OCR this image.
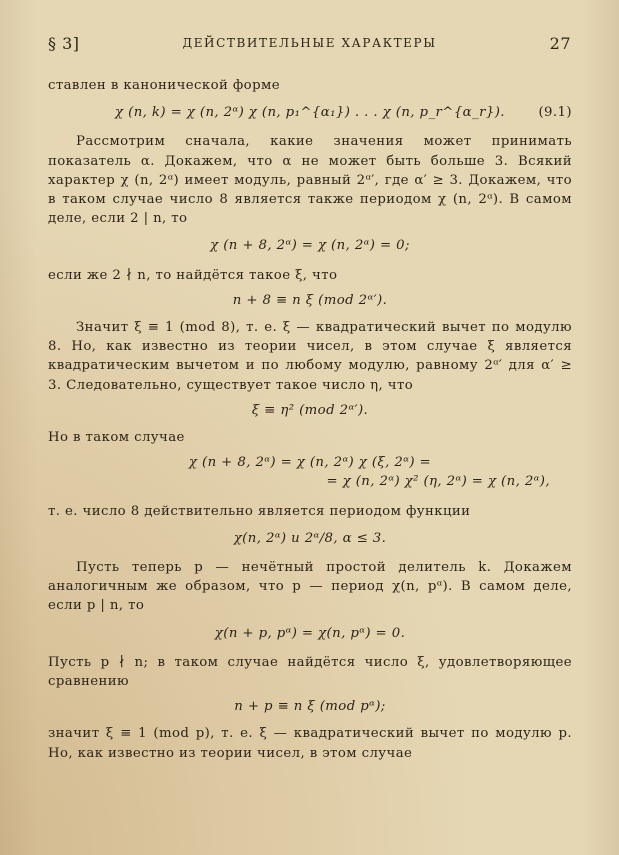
§ 3]	ДЕЙСТВИТЕЛЬНЫЕ ХАРАКТЕРЫ	27

ставлен в канонической форме

χ (n, k) = χ (n, 2ᵅ) χ (n, p₁^{α₁}) . . . χ (n, p_r^{α_r}).	(9.1)

Рассмотрим сначала, какие значения может принимать показатель α. Докажем, что α не может быть больше 3. Всякий характер χ (n, 2ᵅ) имеет модуль, равный 2ᵅ′, где α′ ≥ 3. Докажем, что в таком случае число 8 является также периодом χ (n, 2ᵅ). В самом деле, если 2 | n, то

χ (n + 8, 2ᵅ) = χ (n, 2ᵅ) = 0;

если же 2 ∤ n, то найдётся такое ξ, что

n + 8 ≡ n ξ (mod 2ᵅ′).

Значит ξ ≡ 1 (mod 8), т. е. ξ — квадратический вычет по модулю 8. Но, как известно из теории чисел, в этом случае ξ является квадратическим вычетом и по любому модулю, равному 2ᵅ′ для α′ ≥ 3. Следовательно, существует такое число η, что

ξ ≡ η² (mod 2ᵅ′).

Но в таком случае

χ (n + 8, 2ᵅ) = χ (n, 2ᵅ) χ (ξ, 2ᵅ) =

= χ (n, 2ᵅ) χ² (η, 2ᵅ) = χ (n, 2ᵅ),

т. е. число 8 действительно является периодом функции

χ(n, 2ᵅ) и 2ᵅ/8, α ≤ 3.

Пусть теперь p — нечётный простой делитель k. Докажем аналогичным же образом, что p — период χ(n, pᵅ). В самом деле, если p | n, то

χ(n + p, pᵅ) = χ(n, pᵅ) = 0.

Пусть p ∤ n; в таком случае найдётся число ξ, удовлетворяющее сравнению

n + p ≡ n ξ (mod pᵅ);

значит ξ ≡ 1 (mod p), т. е. ξ — квадратический вычет по модулю p. Но, как известно из теории чисел, в этом случае
